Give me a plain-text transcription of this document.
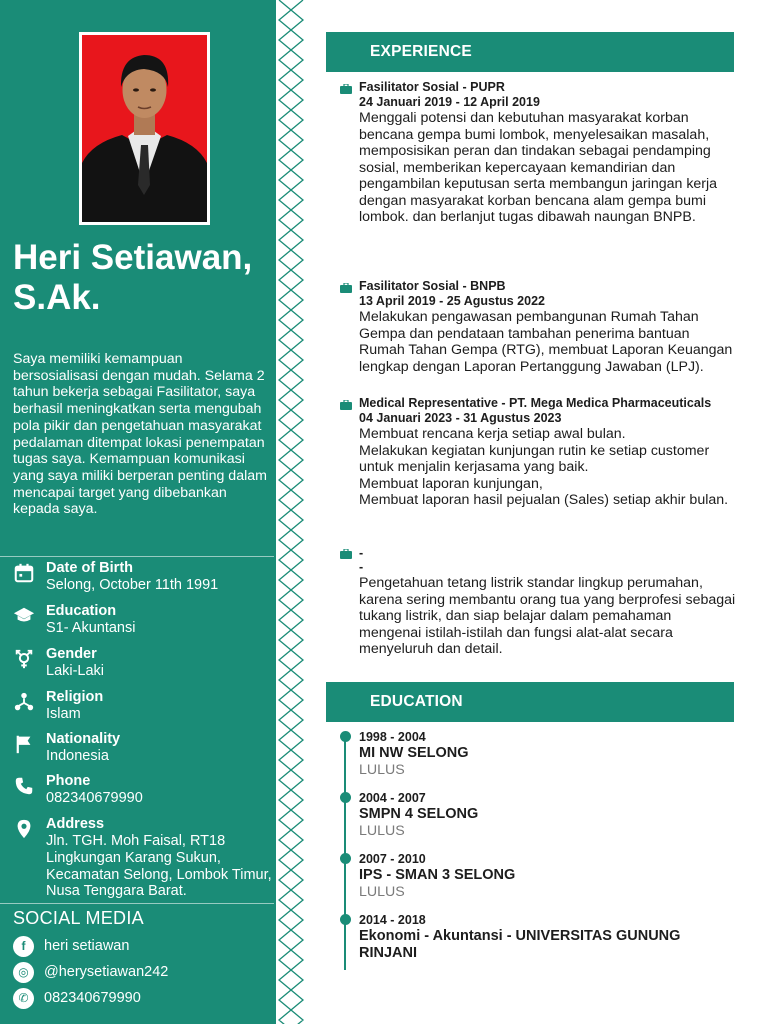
Heri Setiawan, S.Ak.

Saya memiliki kemampuan bersosialisasi dengan mudah. Selama 2 tahun bekerja sebagai Fasilitator, saya berhasil meningkatkan serta mengubah pola pikir dan pengetahuan masyarakat pedalaman ditempat lokasi penempatan tugas saya. Kemampuan komunikasi yang saya miliki berperan penting dalam mencapai target yang dibebankan kepada saya.

Date of Birth
Selong, October 11th 1991
Education
S1- Akuntansi
Gender
Laki-Laki
Religion
Islam
Nationality
Indonesia
Phone
082340679990
Address
Jln. TGH. Moh Faisal, RT18 Lingkungan Karang Sukun, Kecamatan Selong, Lombok Timur, Nusa Tenggara Barat.
SOCIAL MEDIA
f	heri setiawan
◎	@herysetiawan242
✆	082340679990
EXPERIENCE
Fasilitator Sosial - PUPR
24 Januari 2019 - 12 April 2019

Menggali potensi dan kebutuhan masyarakat korban bencana gempa bumi lombok, menyelesaikan masalah, memposisikan peran dan tindakan sebagai pendamping sosial, memberikan kepercayaan kemandirian dan pengambilan keputusan serta membangun jaringan kerja dengan masyarakat korban bencana alam gempa bumi lombok. dan berlanjut tugas dibawah naungan BNPB.

Fasilitator Sosial - BNPB
13 April 2019 - 25 Agustus 2022

Melakukan pengawasan pembangunan Rumah Tahan Gempa dan pendataan tambahan penerima bantuan Rumah Tahan Gempa (RTG), membuat Laporan Keuangan lengkap dengan Laporan Pertanggung Jawaban (LPJ).

Medical Representative - PT. Mega Medica Pharmaceuticals
04 Januari 2023 - 31 Agustus 2023

Membuat rencana kerja setiap awal bulan.
Melakukan kegiatan kunjungan rutin ke setiap customer untuk menjalin kerjasama yang baik.
Membuat laporan kunjungan,
Membuat laporan hasil pejualan (Sales) setiap akhir bulan.

-
-

Pengetahuan tetang listrik standar lingkup perumahan, karena sering membantu orang tua yang berprofesi sebagai tukang listrik, dan siap belajar dalam pemahaman mengenai istilah-istilah dan fungsi alat-alat secara menyeluruh dan detail.

EDUCATION
1998 - 2004
MI NW SELONG
LULUS
2004 - 2007
SMPN 4 SELONG
LULUS
2007 - 2010
IPS - SMAN 3 SELONG
LULUS
2014 - 2018
Ekonomi - Akuntansi - UNIVERSITAS GUNUNG RINJANI
